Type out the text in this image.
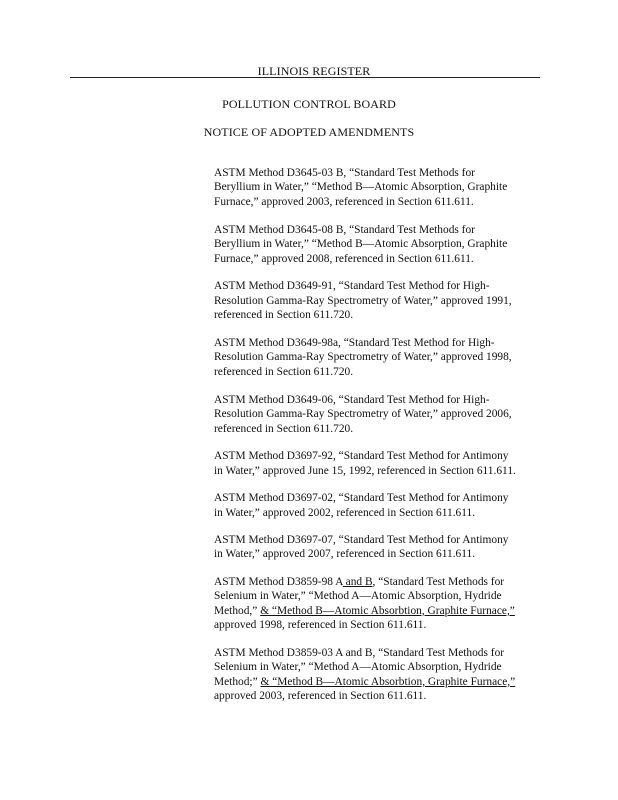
ILLINOIS REGISTER
POLLUTION CONTROL BOARD
NOTICE OF ADOPTED AMENDMENTS
ASTM Method D3645-03 B, “Standard Test Methods for
Beryllium in Water,” “Method B—Atomic Absorption, Graphite
Furnace,” approved 2003, referenced in Section 611.611.
ASTM Method D3645-08 B, “Standard Test Methods for
Beryllium in Water,” “Method B—Atomic Absorption, Graphite
Furnace,” approved 2008, referenced in Section 611.611.
ASTM Method D3649-91, “Standard Test Method for High-
Resolution Gamma-Ray Spectrometry of Water,” approved 1991,
referenced in Section 611.720.
ASTM Method D3649-98a, “Standard Test Method for High-
Resolution Gamma-Ray Spectrometry of Water,” approved 1998,
referenced in Section 611.720.
ASTM Method D3649-06, “Standard Test Method for High-
Resolution Gamma-Ray Spectrometry of Water,” approved 2006,
referenced in Section 611.720.
ASTM Method D3697-92, “Standard Test Method for Antimony
in Water,” approved June 15, 1992, referenced in Section 611.611.
ASTM Method D3697-02, “Standard Test Method for Antimony
in Water,” approved 2002, referenced in Section 611.611.
ASTM Method D3697-07, “Standard Test Method for Antimony
in Water,” approved 2007, referenced in Section 611.611.
ASTM Method D3859-98 A and B, “Standard Test Methods for
Selenium in Water,” “Method A—Atomic Absorption, Hydride
Method,” & “Method B—Atomic Absorbtion, Graphite Furnace,”
approved 1998, referenced in Section 611.611.
ASTM Method D3859-03 A and B, “Standard Test Methods for
Selenium in Water,” “Method A—Atomic Absorption, Hydride
Method;” & “Method B—Atomic Absorbtion, Graphite Furnace,”
approved 2003, referenced in Section 611.611.
